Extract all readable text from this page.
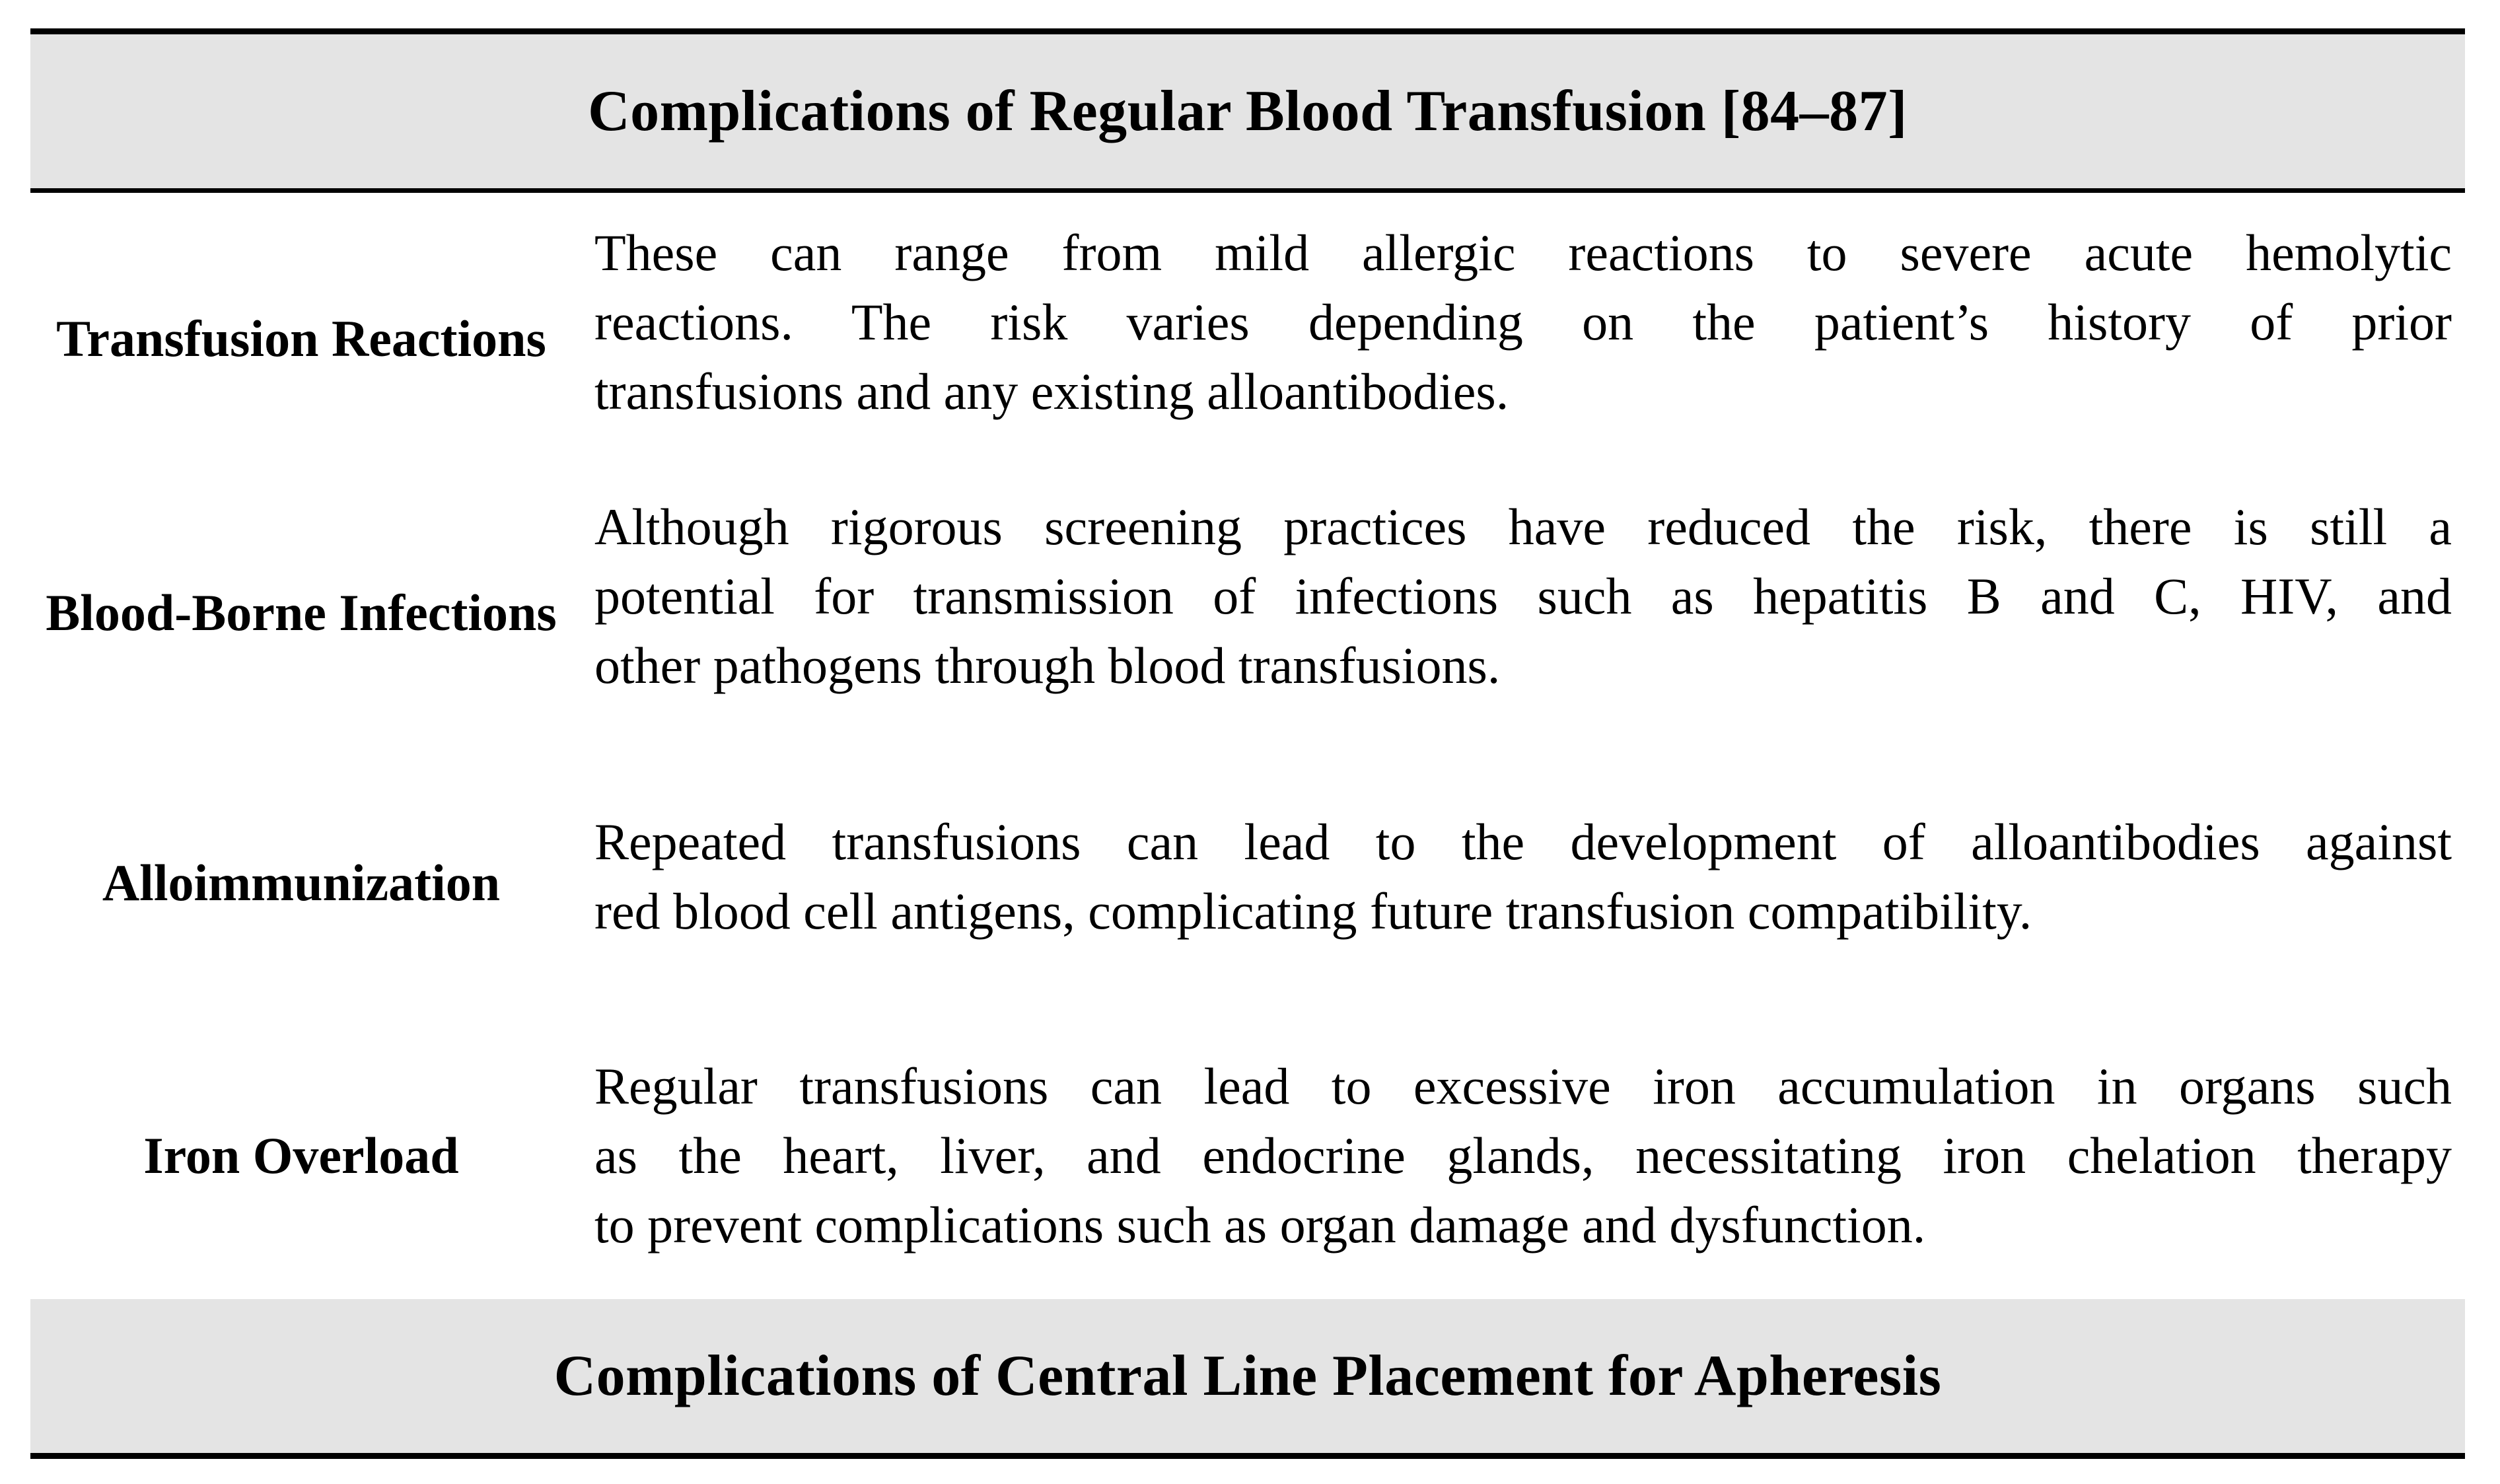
Complications of Regular Blood Transfusion [84–87]
Transfusion Reactions
These can range from mild allergic reactions to severe acute hemolytic
reactions. The risk varies depending on the patient’s history of prior
transfusions and any existing alloantibodies.
Blood-Borne Infections
Although rigorous screening practices have reduced the risk, there is still a
potential for transmission of infections such as hepatitis B and C, HIV, and
other pathogens through blood transfusions.
Alloimmunization
Repeated transfusions can lead to the development of alloantibodies against
red blood cell antigens, complicating future transfusion compatibility.
Iron Overload
Regular transfusions can lead to excessive iron accumulation in organs such
as the heart, liver, and endocrine glands, necessitating iron chelation therapy
to prevent complications such as organ damage and dysfunction.
Complications of Central Line Placement for Apheresis
